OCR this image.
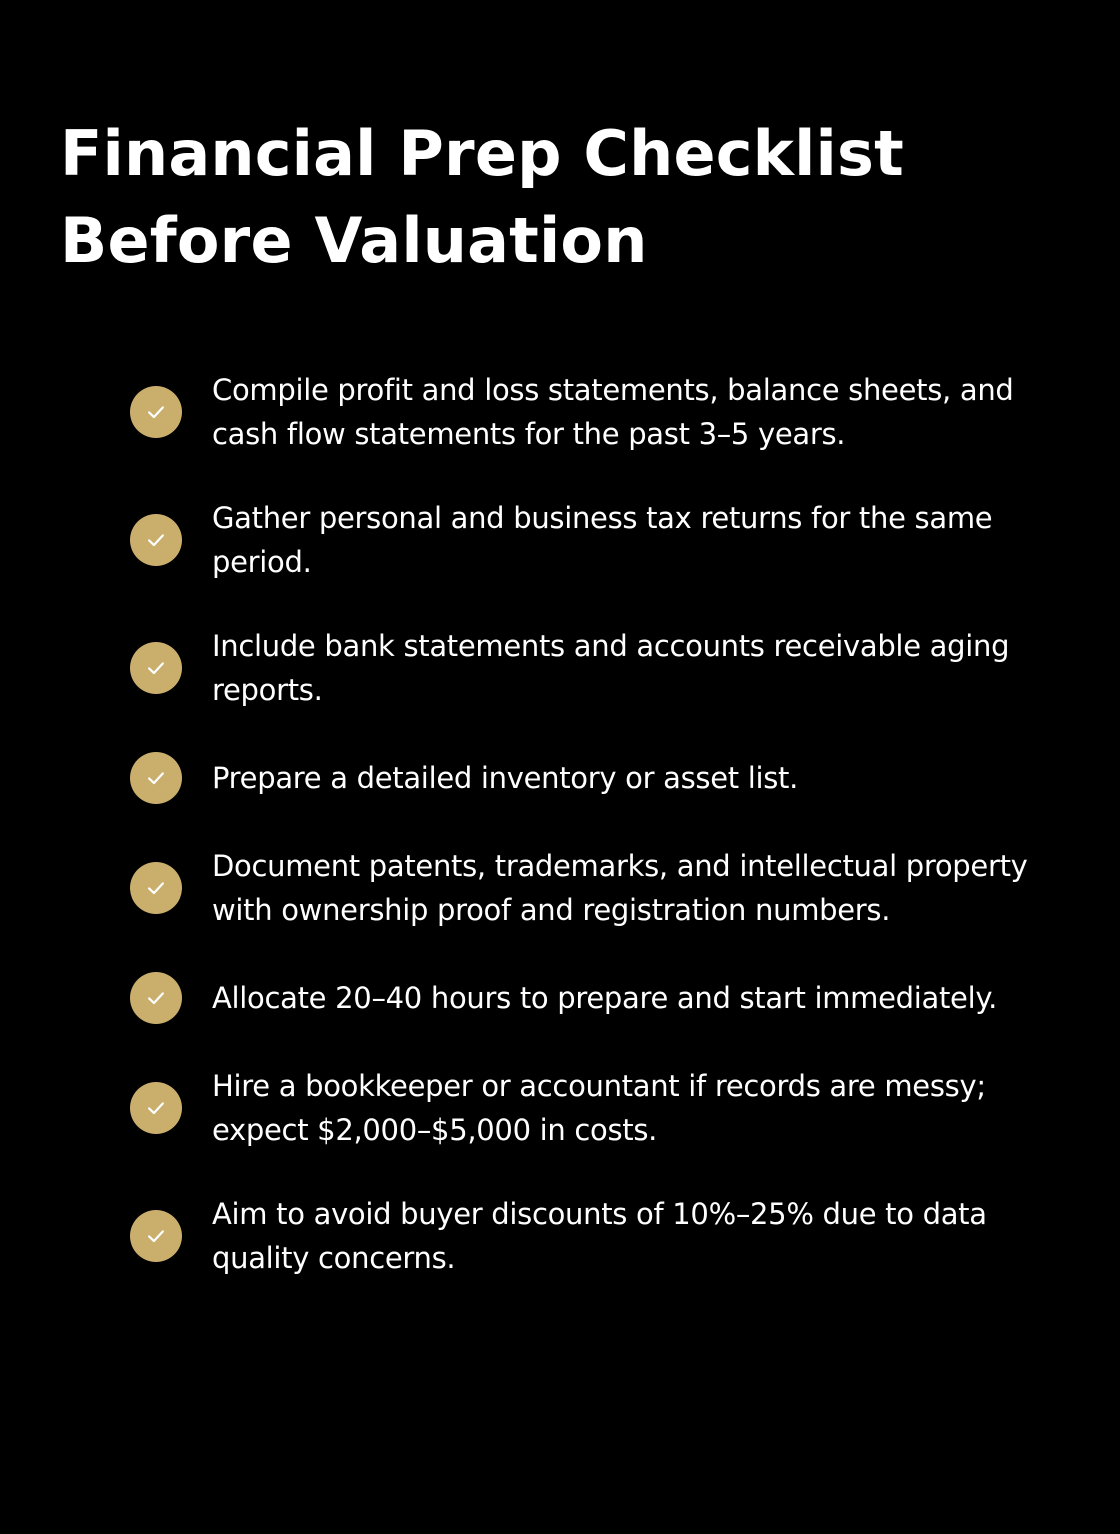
Financial Prep Checklist Before Valuation
Compile profit and loss statements, balance sheets, and cash flow statements for the past 3–5 years.
Gather personal and business tax returns for the same period.
Include bank statements and accounts receivable aging reports.
Prepare a detailed inventory or asset list.
Document patents, trademarks, and intellectual property with ownership proof and registration numbers.
Allocate 20–40 hours to prepare and start immediately.
Hire a bookkeeper or accountant if records are messy; expect $2,000–$5,000 in costs.
Aim to avoid buyer discounts of 10%–25% due to data quality concerns.
